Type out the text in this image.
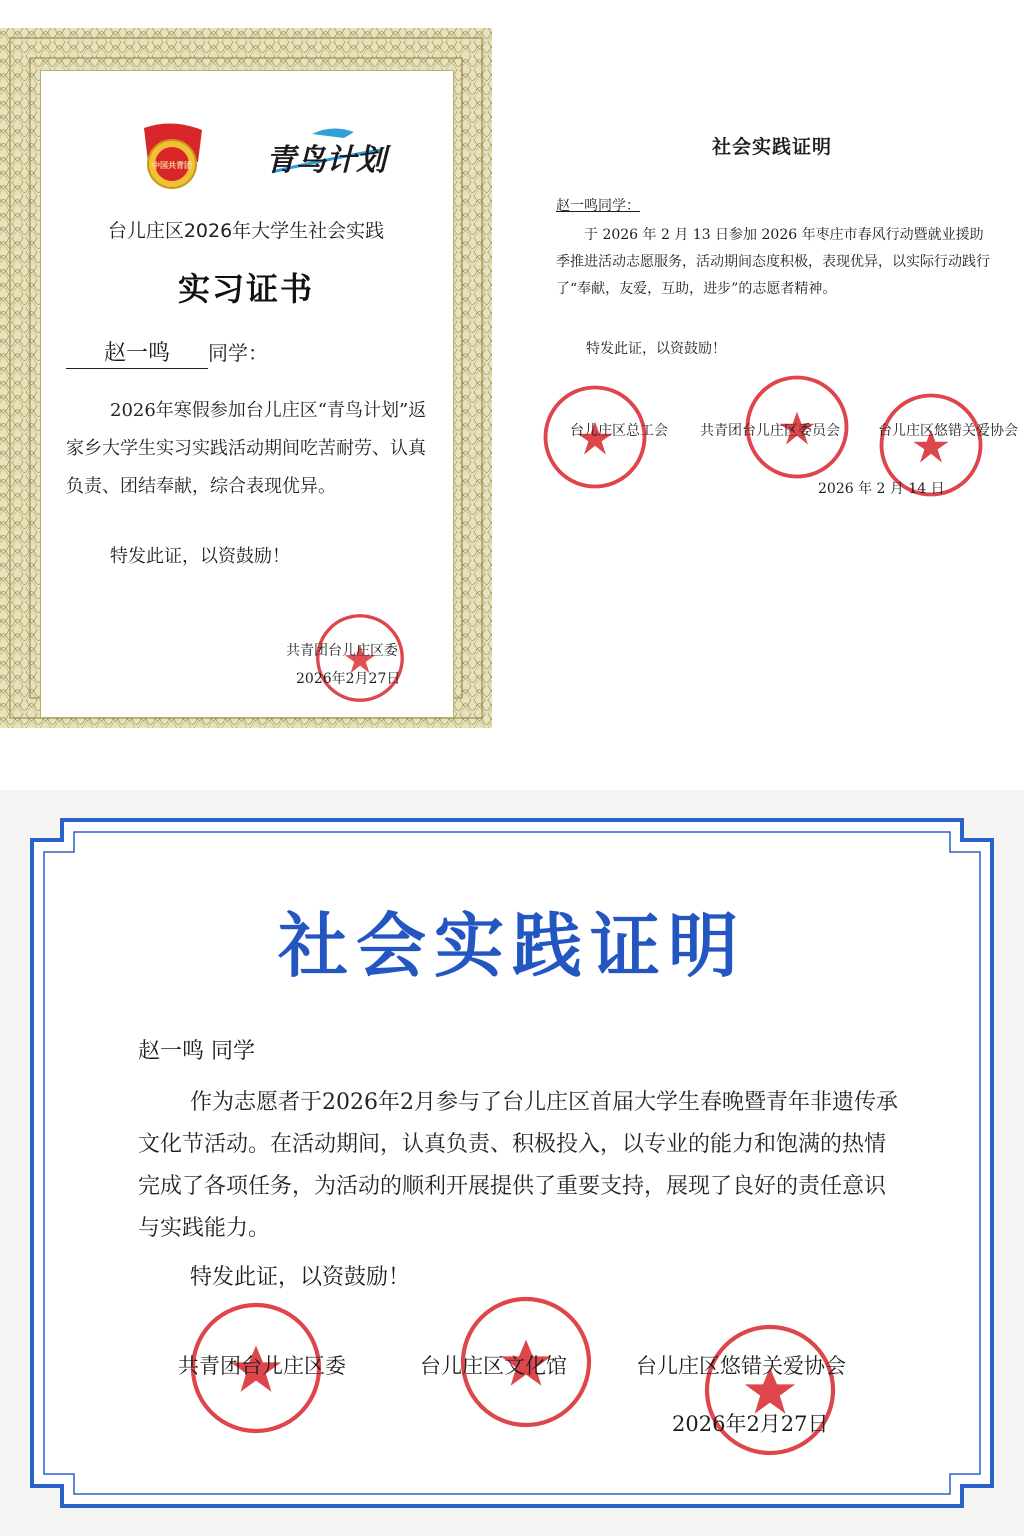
中国共青团 青鸟计划
台儿庄区2026年大学生社会实践
实习证书
赵一鸣 同学：
2026年寒假参加台儿庄区“青鸟计划”返家乡大学生实习实践活动期间吃苦耐劳、认真负责、团结奉献，综合表现优异。
特发此证，以资鼓励！
共青团台儿庄区委
2026年2月27日
社会实践证明
赵一鸣同学：
于 2026 年 2 月 13 日参加 2026 年枣庄市春风行动暨就业援助季推进活动志愿服务，活动期间态度积极，表现优异，以实际行动践行了“奉献，友爱，互助，进步”的志愿者精神。
特发此证，以资鼓励！
台儿庄区总工会 共青团台儿庄区委员会	台儿庄区悠错关爱协会
2026 年 2 月 14 日
社会实践证明
赵一鸣 同学
作为志愿者于2026年2月参与了台儿庄区首届大学生春晚暨青年非遗传承文化节活动。在活动期间，认真负责、积极投入，以专业的能力和饱满的热情完成了各项任务，为活动的顺利开展提供了重要支持，展现了良好的责任意识与实践能力。
特发此证，以资鼓励！
共青团台儿庄区委	台儿庄区文化馆	台儿庄区悠错关爱协会
2026年2月27日
